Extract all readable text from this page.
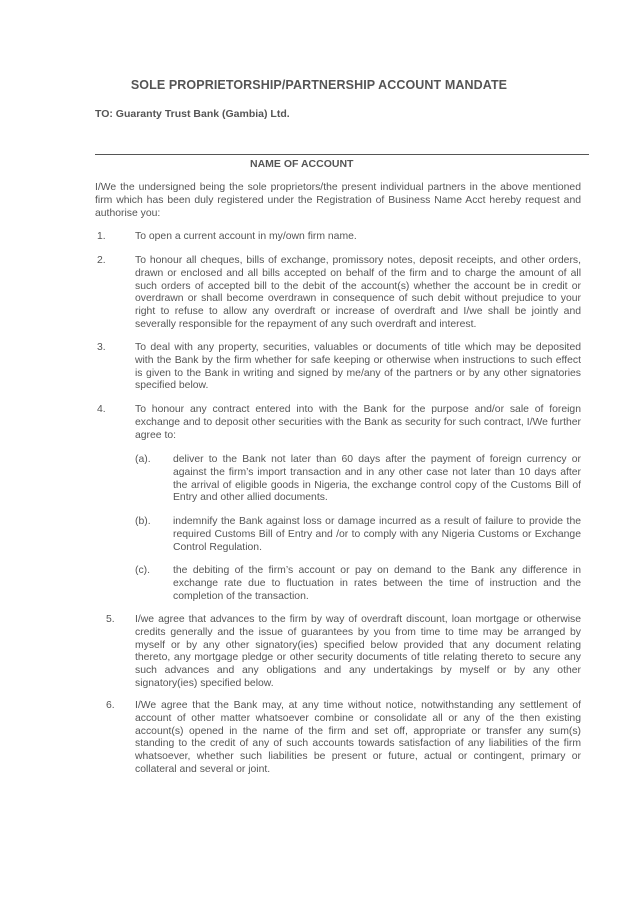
SOLE PROPRIETORSHIP/PARTNERSHIP ACCOUNT MANDATE
TO: Guaranty Trust Bank (Gambia) Ltd.
NAME OF ACCOUNT
I/We the undersigned being the sole proprietors/the present individual partners in the above mentioned firm which has been duly registered under the Registration of Business Name Acct hereby request and authorise you:
1.	To open a current account in my/own firm name.
2.	To honour all cheques, bills of exchange, promissory notes, deposit receipts, and other orders, drawn or enclosed and all bills accepted on behalf of the firm and to charge the amount of all such orders of accepted bill to the debit of the account(s) whether the account be in credit or overdrawn or shall become overdrawn in consequence of such debit without prejudice to your right to refuse to allow any overdraft or increase of overdraft and I/we shall be jointly and severally responsible for the repayment of any such overdraft and interest.
3.	To deal with any property, securities, valuables or documents of title which may be deposited with the Bank by the firm whether for safe keeping or otherwise when instructions to such effect is given to the Bank in writing and signed by me/any of the partners or by any other signatories specified below.
4.	To honour any contract entered into with the Bank for the purpose and/or sale of foreign exchange and to deposit other securities with the Bank as security for such contract, I/We further agree to:
(a). deliver to the Bank not later than 60 days after the payment of foreign currency or against the firm’s import transaction and in any other case not later than 10 days after the arrival of eligible goods in Nigeria, the exchange control copy of the Customs Bill of Entry and other allied documents.
(b). indemnify the Bank against loss or damage incurred as a result of failure to provide the required Customs Bill of Entry and /or to comply with any Nigeria Customs or Exchange Control Regulation.
(c). the debiting of the firm’s account or pay on demand to the Bank any difference in exchange rate due to fluctuation in rates between the time of instruction and the completion of the transaction.
5. I/we agree that advances to the firm by way of overdraft discount, loan mortgage or otherwise credits generally and the issue of guarantees by you from time to time may be arranged by myself or by any other signatory(ies) specified below provided that any document relating thereto, any mortgage pledge or other security documents of title relating thereto to secure any such advances and any obligations and any undertakings by myself or by any other signatory(ies) specified below.
6. I/We agree that the Bank may, at any time without notice, notwithstanding any settlement of account of other matter whatsoever combine or consolidate all or any of the then existing account(s) opened in the name of the firm and set off, appropriate or transfer any sum(s) standing to the credit of any of such accounts towards satisfaction of any liabilities of the firm whatsoever, whether such liabilities be present or future, actual or contingent, primary or collateral and several or joint.
